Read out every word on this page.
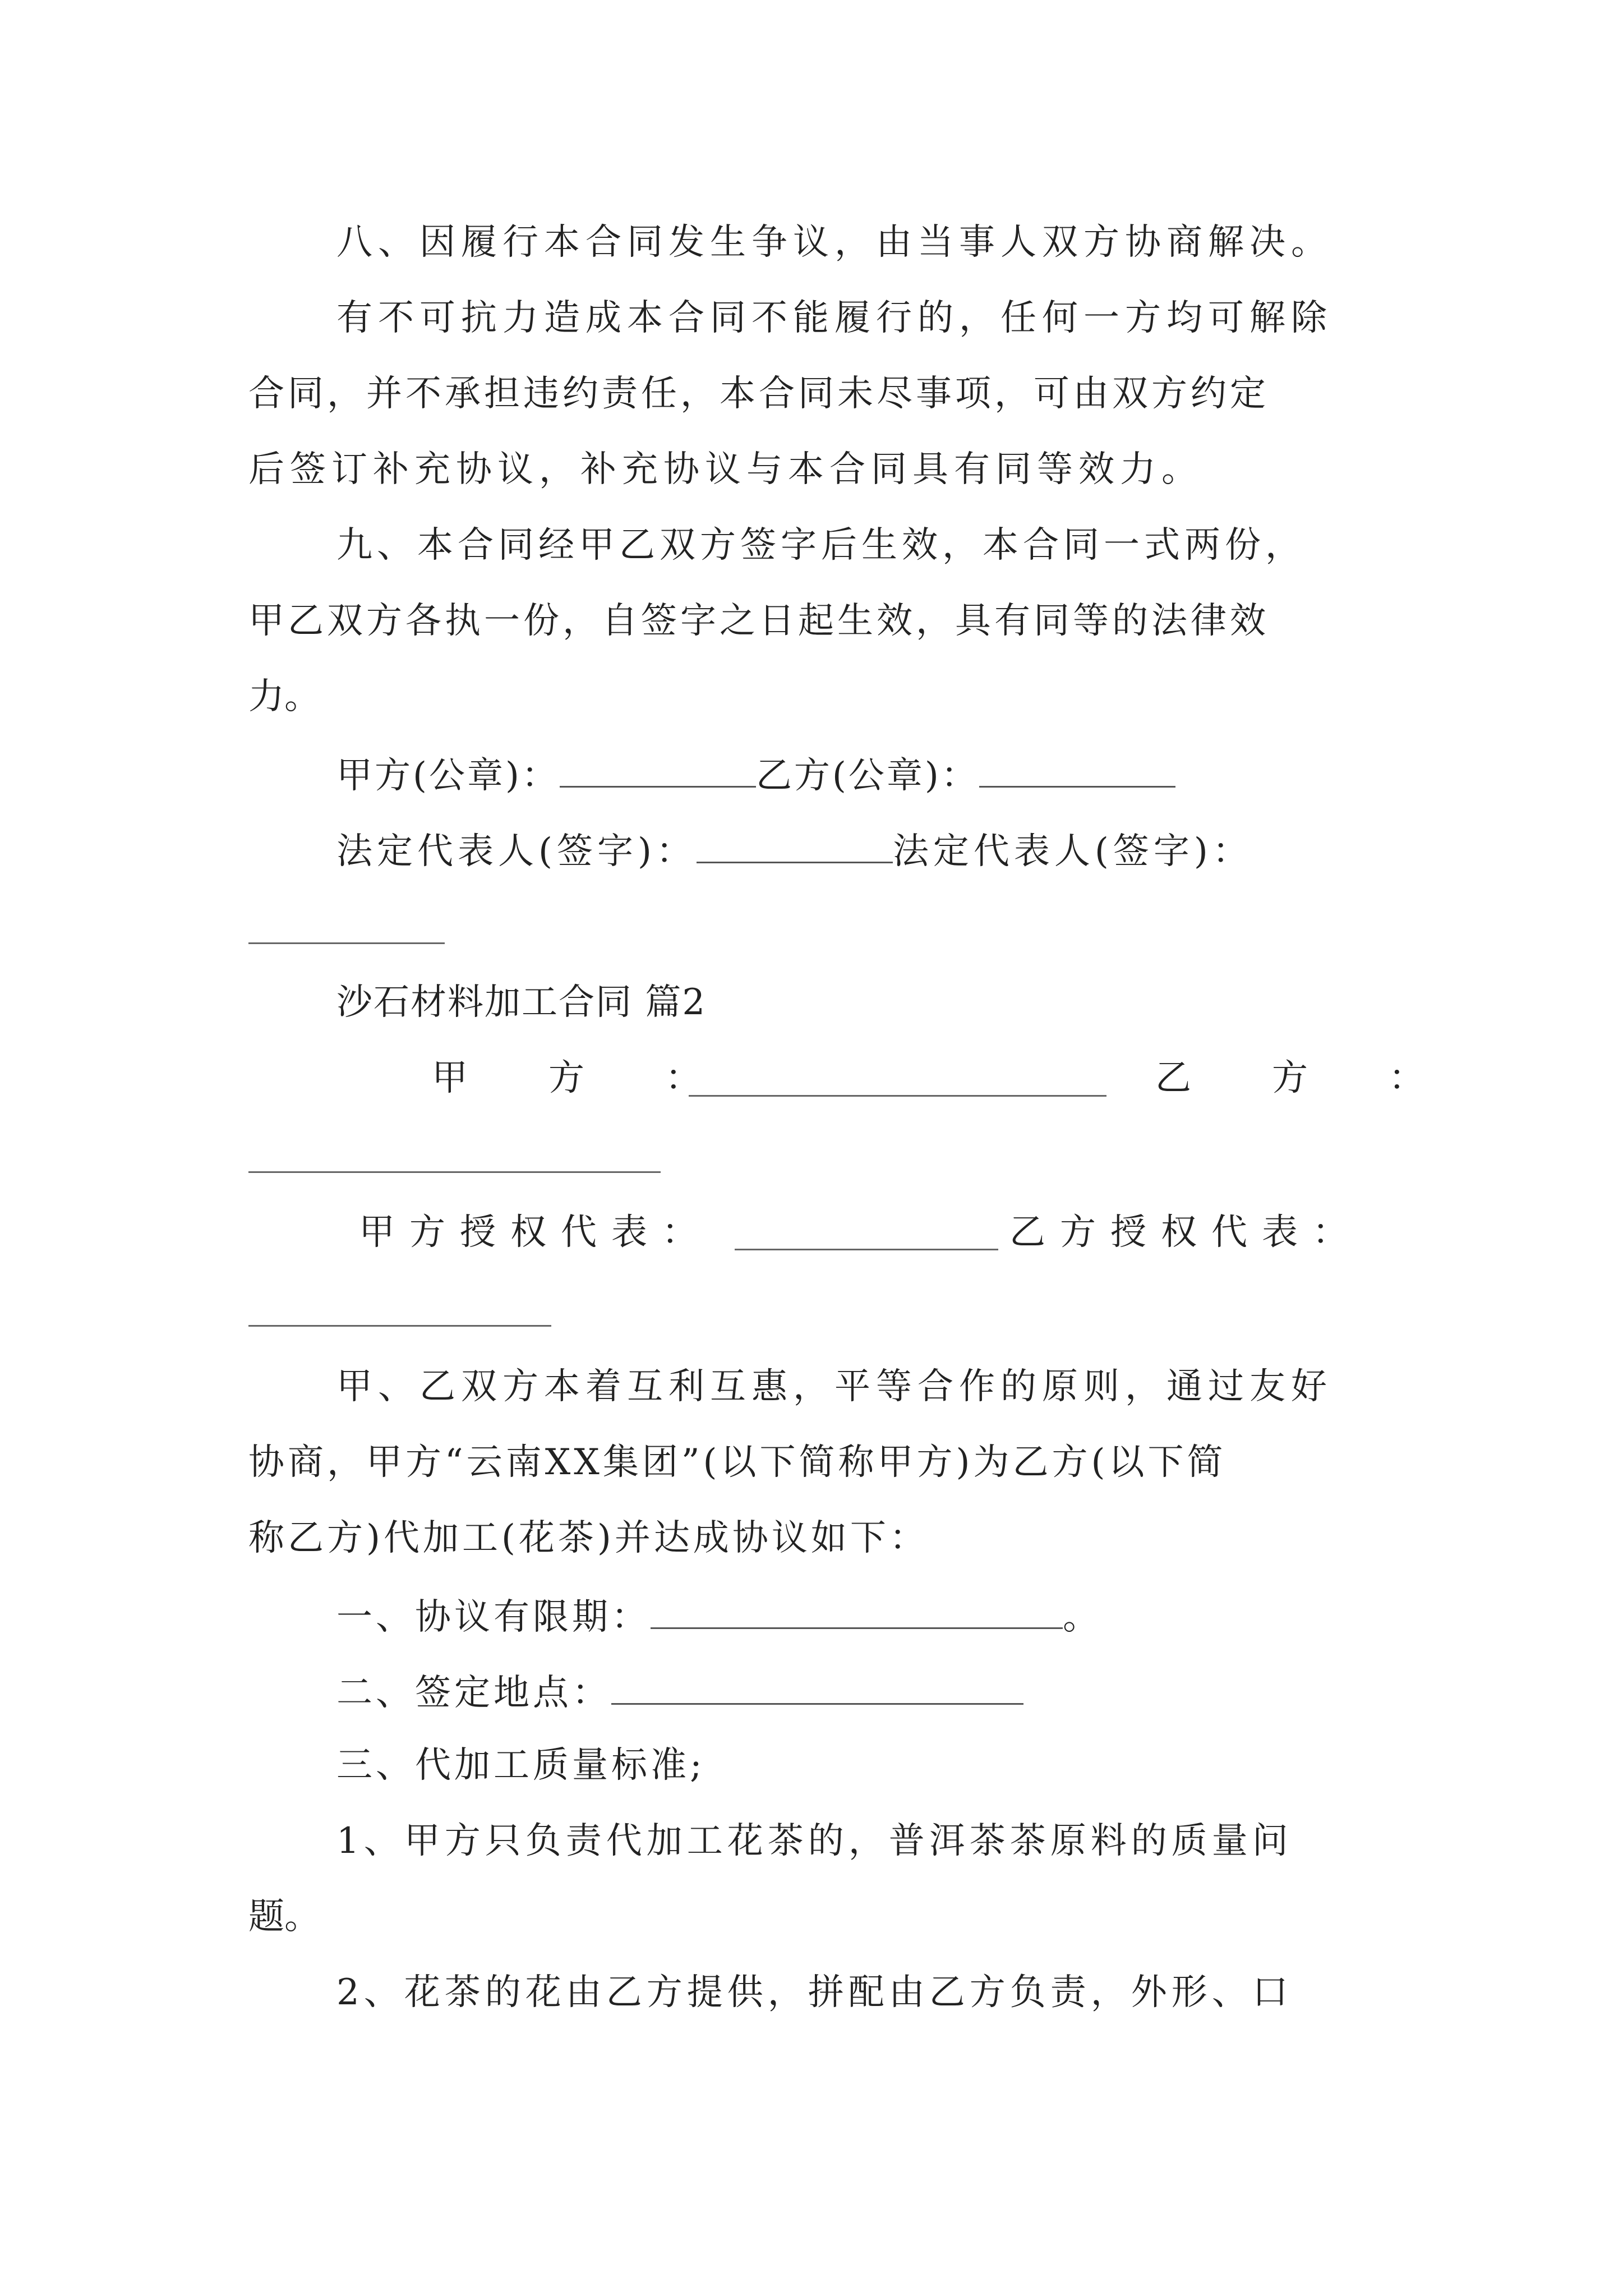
八、因履行本合同发生争议，由当事人双方协商解决。
有不可抗力造成本合同不能履行的，任何一方均可解除
合同，并不承担违约责任，本合同未尽事项，可由双方约定
后签订补充协议，补充协议与本合同具有同等效力。
九、本合同经甲乙双方签字后生效，本合同一式两份，
甲乙双方各执一份，自签字之日起生效，具有同等的法律效
力。
甲方(公章)：	乙方(公章)：
法定代表人(签字)：	法定代表人(签字)：
沙石材料加工合同 篇2
甲　方　：	乙　方　：
甲方授权代表：	乙方授权代表：
甲、乙双方本着互利互惠，平等合作的原则，通过友好
协商，甲方“云南XX集团”(以下简称甲方)为乙方(以下简
称乙方)代加工(花茶)并达成协议如下：
一、协议有限期：	。
二、签定地点：
三、代加工质量标准;
1、甲方只负责代加工花茶的，普洱茶茶原料的质量问
题。
2、花茶的花由乙方提供，拼配由乙方负责，外形、口
